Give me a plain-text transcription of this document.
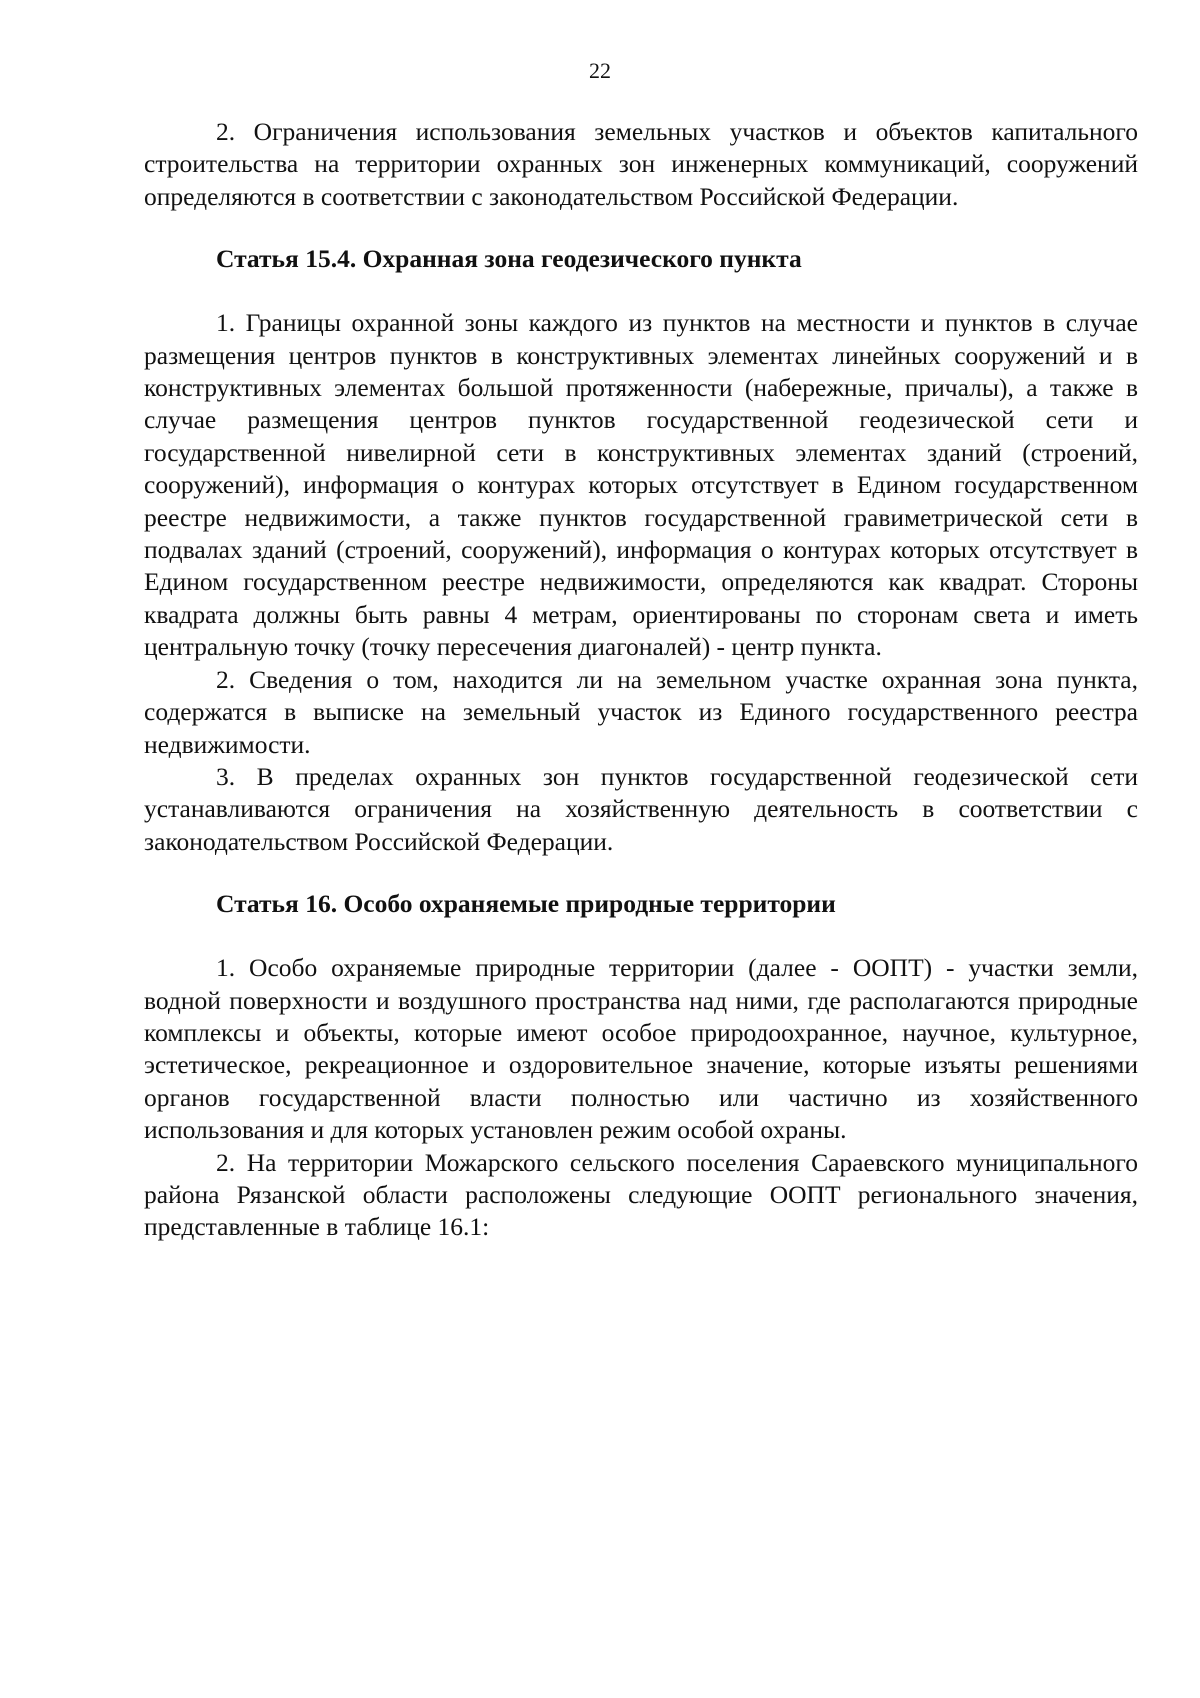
22

2. Ограничения использования земельных участков и объектов капитального строительства на территории охранных зон инженерных коммуникаций, сооружений определяются в соответствии с законодательством Российской Федерации.

Статья 15.4. Охранная зона геодезического пункта

1. Границы охранной зоны каждого из пунктов на местности и пунктов в случае размещения центров пунктов в конструктивных элементах линейных сооружений и в конструктивных элементах большой протяженности (набережные, причалы), а также в случае размещения центров пунктов государственной геодезической сети и государственной нивелирной сети в конструктивных элементах зданий (строений, сооружений), информация о контурах которых отсутствует в Едином государственном реестре недвижимости, а также пунктов государственной гравиметрической сети в подвалах зданий (строений, сооружений), информация о контурах которых отсутствует в Едином государственном реестре недвижимости, определяются как квадрат. Стороны квадрата должны быть равны 4 метрам, ориентированы по сторонам света и иметь центральную точку (точку пересечения диагоналей) - центр пункта.

2. Сведения о том, находится ли на земельном участке охранная зона пункта, содержатся в выписке на земельный участок из Единого государственного реестра недвижимости.

3. В пределах охранных зон пунктов государственной геодезической сети устанавливаются ограничения на хозяйственную деятельность в соответствии с законодательством Российской Федерации.

Статья 16. Особо охраняемые природные территории

1. Особо охраняемые природные территории (далее - ООПТ) - участки земли, водной поверхности и воздушного пространства над ними, где располагаются природные комплексы и объекты, которые имеют особое природоохранное, научное, культурное, эстетическое, рекреационное и оздоровительное значение, которые изъяты решениями органов государственной власти полностью или частично из хозяйственного использования и для которых установлен режим особой охраны.

2. На территории Можарского сельского поселения Сараевского муниципального района Рязанской области расположены следующие ООПТ регионального значения, представленные в таблице 16.1:
